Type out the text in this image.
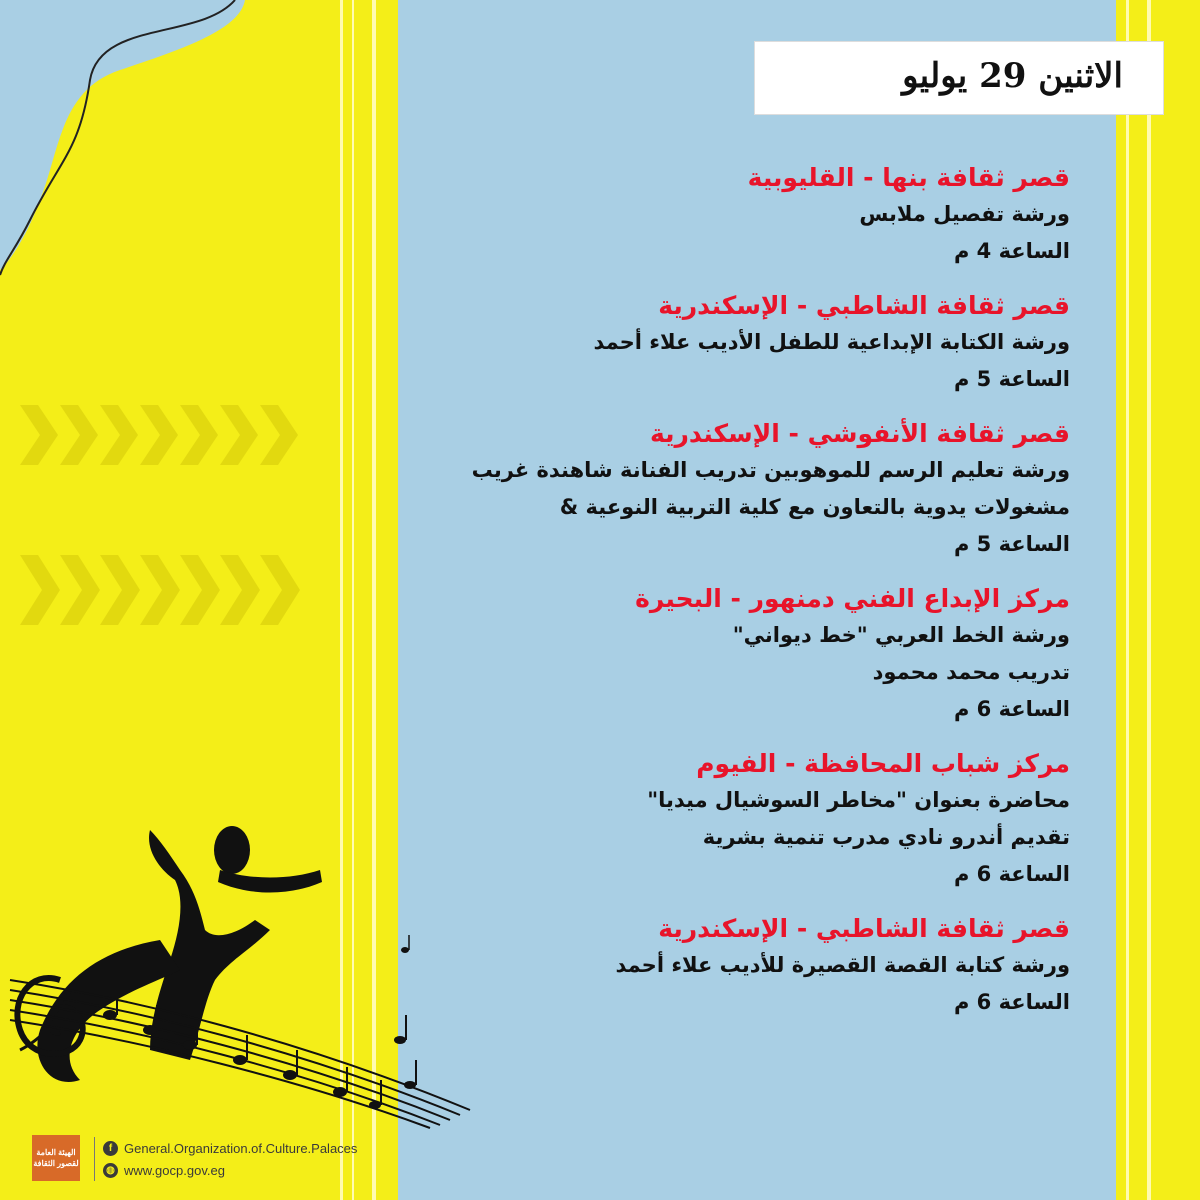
الاثنين 29 يوليو
قصر ثقافة بنها - القليوبية
ورشة تفصيل ملابس
الساعة 4 م
قصر ثقافة الشاطبي - الإسكندرية
ورشة الكتابة الإبداعية للطفل الأديب علاء أحمد
الساعة 5 م
قصر ثقافة الأنفوشي - الإسكندرية
ورشة تعليم الرسم للموهوبين تدريب الفنانة شاهندة غريب
مشغولات يدوية بالتعاون مع كلية التربية النوعية &
الساعة 5 م
مركز الإبداع الفني دمنهور - البحيرة
ورشة الخط العربي "خط ديواني"
تدريب محمد محمود
الساعة 6 م
مركز شباب المحافظة - الفيوم
محاضرة بعنوان "مخاطر السوشيال ميديا"
تقديم أندرو نادي مدرب تنمية بشرية
الساعة 6 م
قصر ثقافة الشاطبي - الإسكندرية
ورشة كتابة القصة القصيرة للأديب علاء أحمد
الساعة 6 م
الهيئة العامة لقصور الثقافة
f General.Organization.of.Culture.Palaces
◍ www.gocp.gov.eg
